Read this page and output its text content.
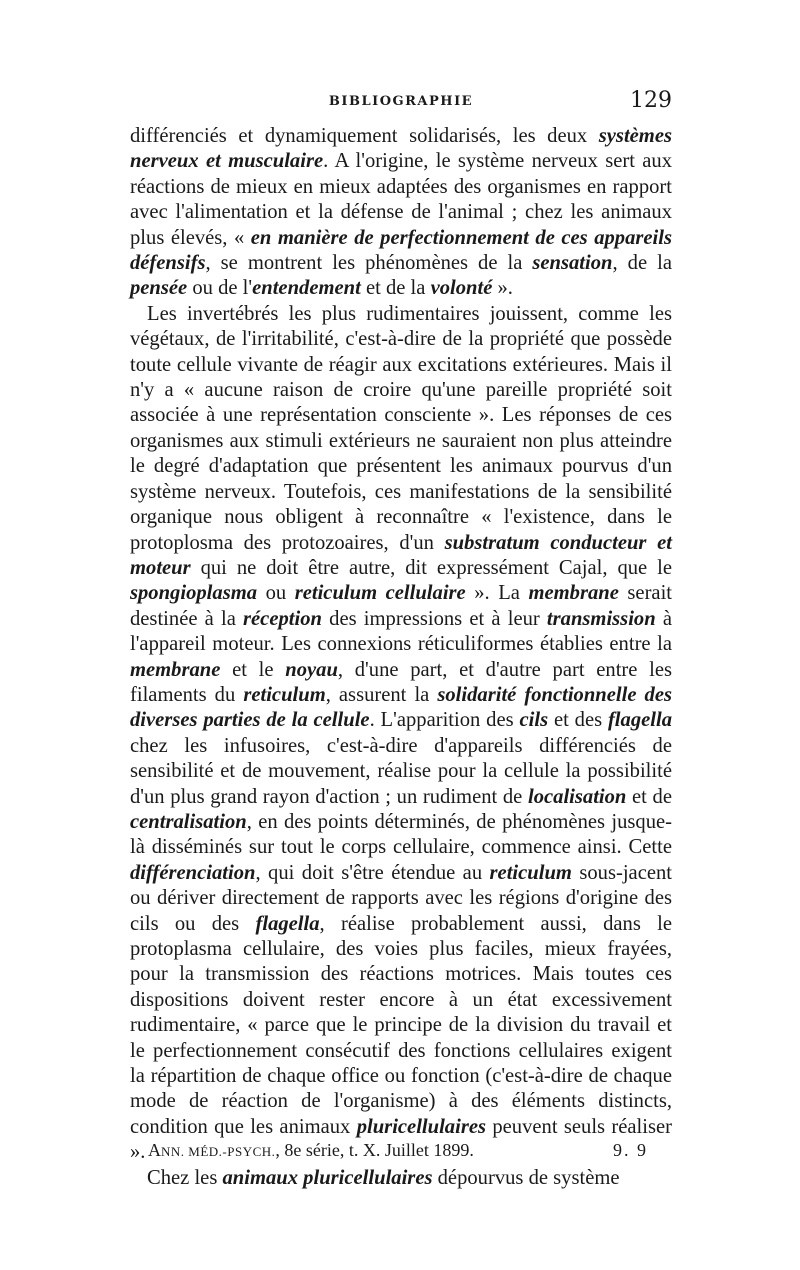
BIBLIOGRAPHIE	129

différenciés et dynamiquement solidarisés, les deux systèmes nerveux et musculaire. A l'origine, le système nerveux sert aux réactions de mieux en mieux adaptées des organismes en rapport avec l'alimentation et la défense de l'animal ; chez les animaux plus élevés, « en manière de perfectionnement de ces appareils défensifs, se montrent les phénomènes de la sensation, de la pensée ou de l'entendement et de la volonté ».

Les invertébrés les plus rudimentaires jouissent, comme les végétaux, de l'irritabilité, c'est-à-dire de la propriété que possède toute cellule vivante de réagir aux excitations extérieures. Mais il n'y a « aucune raison de croire qu'une pareille propriété soit associée à une représentation consciente ». Les réponses de ces organismes aux stimuli extérieurs ne sauraient non plus atteindre le degré d'adaptation que présentent les animaux pourvus d'un système nerveux. Toutefois, ces manifestations de la sensibilité organique nous obligent à reconnaître « l'existence, dans le protoplosma des protozoaires, d'un substratum conducteur et moteur qui ne doit être autre, dit expressément Cajal, que le spongioplasma ou reticulum cellulaire ». La membrane serait destinée à la réception des impressions et à leur transmission à l'appareil moteur. Les connexions réticuliformes établies entre la membrane et le noyau, d'une part, et d'autre part entre les filaments du reticulum, assurent la solidarité fonctionnelle des diverses parties de la cellule. L'apparition des cils et des flagella chez les infusoires, c'est-à-dire d'appareils différenciés de sensibilité et de mouvement, réalise pour la cellule la possibilité d'un plus grand rayon d'action ; un rudiment de localisation et de centralisation, en des points déterminés, de phénomènes jusque-là disséminés sur tout le corps cellulaire, commence ainsi. Cette différenciation, qui doit s'être étendue au reticulum sous-jacent ou dériver directement de rapports avec les régions d'origine des cils ou des flagella, réalise probablement aussi, dans le protoplasma cellulaire, des voies plus faciles, mieux frayées, pour la transmission des réactions motrices. Mais toutes ces dispositions doivent rester encore à un état excessivement rudimentaire, « parce que le principe de la division du travail et le perfectionnement consécutif des fonctions cellulaires exigent la répartition de chaque office ou fonction (c'est-à-dire de chaque mode de réaction de l'organisme) à des éléments distincts, condition que les animaux pluricellulaires peuvent seuls réaliser ».

Chez les animaux pluricellulaires dépourvus de système

ANN. MÉD.-PSYCH., 8e série, t. X. Juillet 1899.	9. 9
